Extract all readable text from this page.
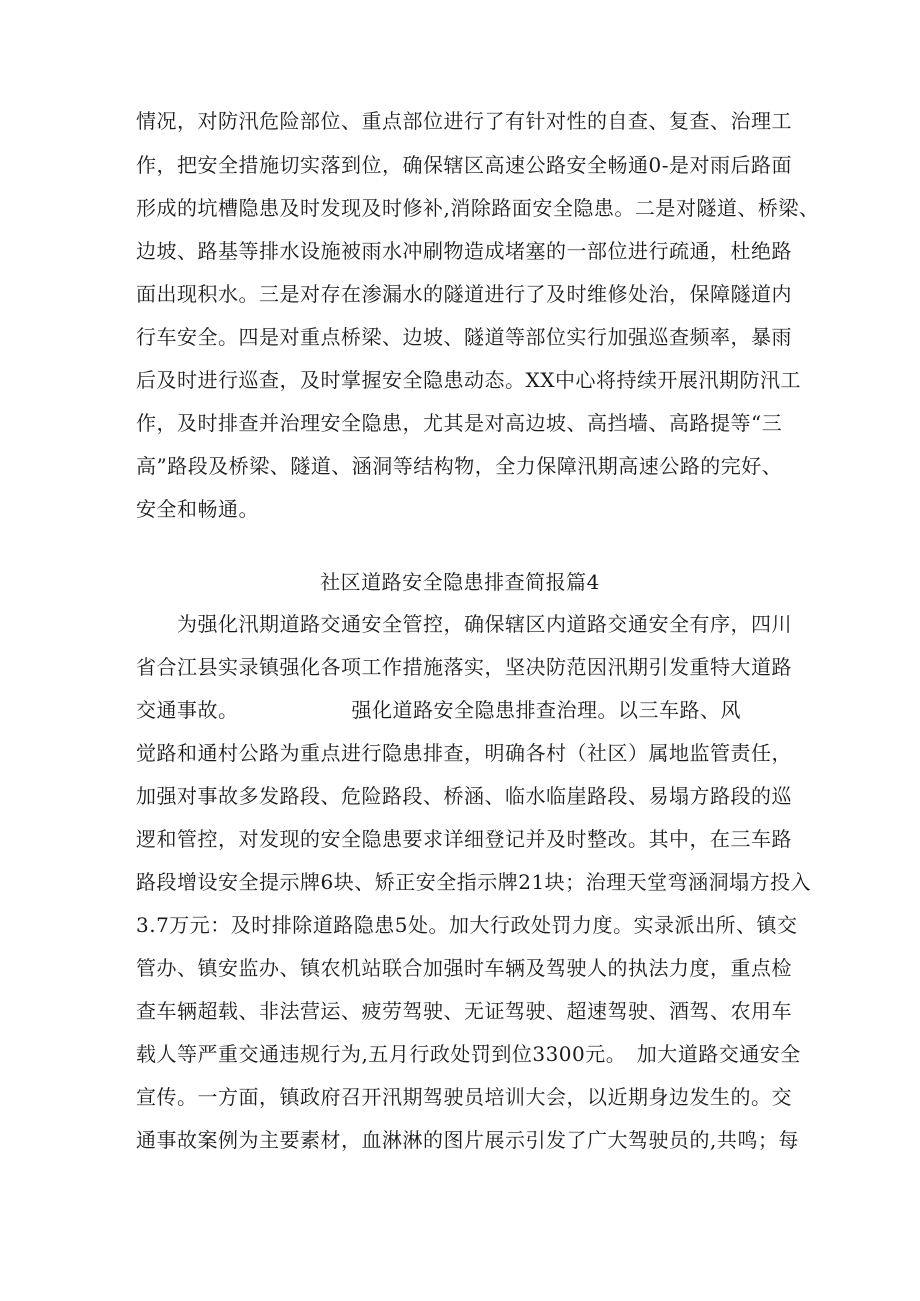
情况，对防汛危险部位、重点部位进行了有针对性的自查、复查、治理工
作，把安全措施切实落到位，确保辖区高速公路安全畅通0-是对雨后路面
形成的坑槽隐患及时发现及时修补,消除路面安全隐患。二是对隧道、桥梁、
边坡、路基等排水设施被雨水冲刷物造成堵塞的一部位进行疏通，杜绝路
面出现积水。三是对存在渗漏水的隧道进行了及时维修处治，保障隧道内
行车安全。四是对重点桥梁、边坡、隧道等部位实行加强巡查频率，暴雨
后及时进行巡查，及时掌握安全隐患动态。XX中心将持续开展汛期防汛工
作，及时排查并治理安全隐患，尤其是对高边坡、高挡墙、高路提等“三
高”路段及桥梁、隧道、涵洞等结构物，全力保障汛期高速公路的完好、
安全和畅通。
社区道路安全隐患排查简报篇4
　　为强化汛期道路交通安全管控，确保辖区内道路交通安全有序，四川
省合江县实录镇强化各项工作措施落实，坚决防范因汛期引发重特大道路
交通事故。　　　　　　强化道路安全隐患排查治理。以三车路、风
觉路和通村公路为重点进行隐患排查，明确各村（社区）属地监管责任，
加强对事故多发路段、危险路段、桥涵、临水临崖路段、易塌方路段的巡
逻和管控，对发现的安全隐患要求详细登记并及时整改。其中，在三车路
路段增设安全提示牌6块、矫正安全指示牌21块；治理天堂弯涵洞塌方投入
3.7万元：及时排除道路隐患5处。加大行政处罚力度。实录派出所、镇交
管办、镇安监办、镇农机站联合加强时车辆及驾驶人的执法力度，重点检
查车辆超载、非法营运、疲劳驾驶、无证驾驶、超速驾驶、酒驾、农用车
载人等严重交通违规行为,五月行政处罚到位3300元。　加大道路交通安全
宣传。一方面，镇政府召开汛期驾驶员培训大会，以近期身边发生的。交
通事故案例为主要素材，血淋淋的图片展示引发了广大驾驶员的,共鸣；每
